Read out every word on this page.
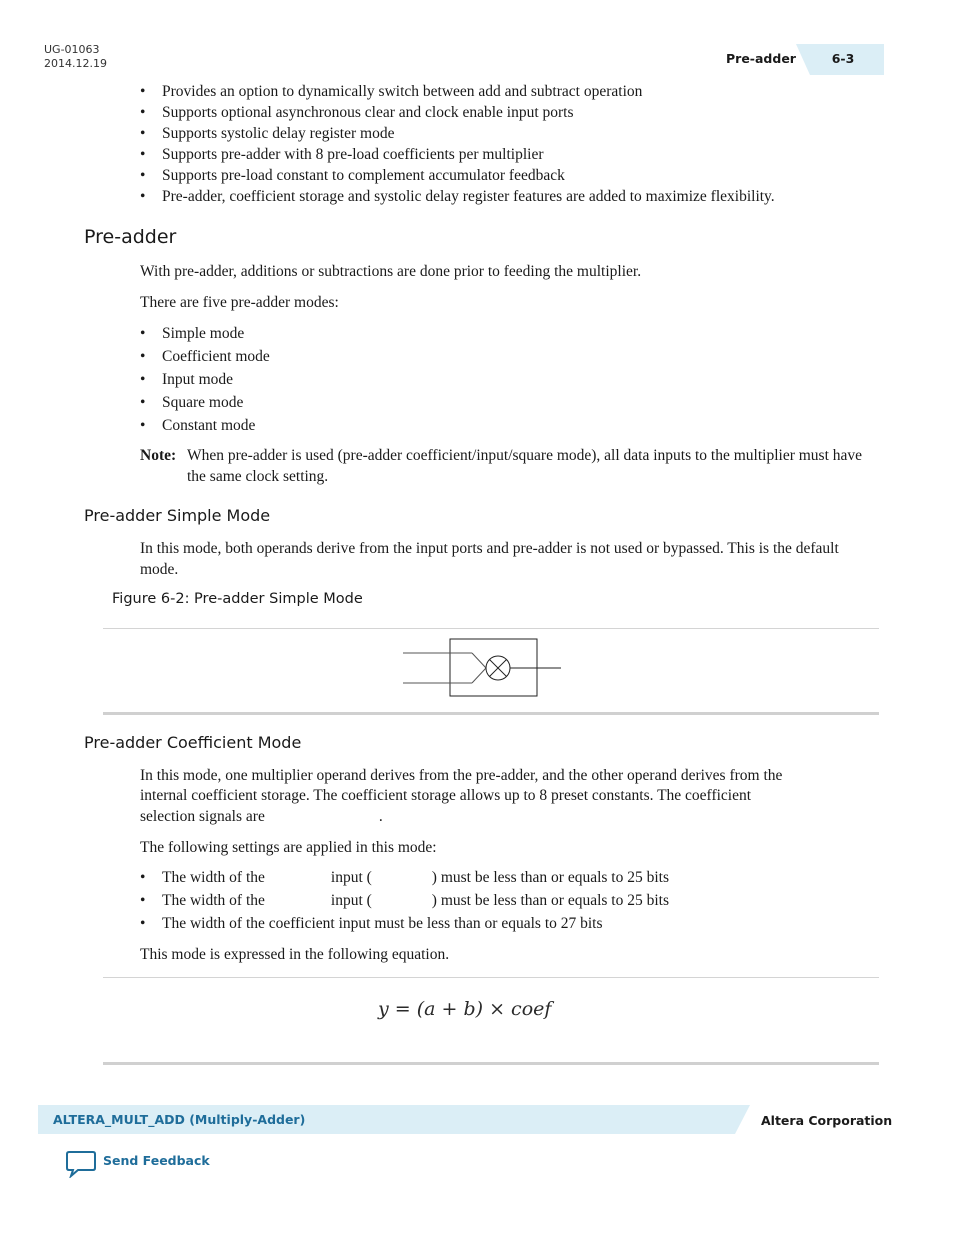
UG-01063
2014.12.19	Pre-adder	6-3
• Provides an option to dynamically switch between add and subtract operation
• Supports optional asynchronous clear and clock enable input ports
• Supports systolic delay register mode
• Supports pre-adder with 8 pre-load coefficients per multiplier
• Supports pre-load constant to complement accumulator feedback
• Pre-adder, coefficient storage and systolic delay register features are added to maximize flexibility.
Pre-adder
With pre-adder, additions or subtractions are done prior to feeding the multiplier.
There are five pre-adder modes:
• Simple mode
• Coefficient mode
• Input mode
• Square mode
• Constant mode
Note: When pre-adder is used (pre-adder coefficient/input/square mode), all data inputs to the multiplier must have the same clock setting.
Pre-adder Simple Mode
In this mode, both operands derive from the input ports and pre-adder is not used or bypassed. This is the default mode.
Figure 6-2: Pre-adder Simple Mode
Pre-adder Coefficient Mode
In this mode, one multiplier operand derives from the pre-adder, and the other operand derives from the
internal coefficient storage. The coefficient storage allows up to 8 preset constants. The coefficient
selection signals are	.
The following settings are applied in this mode:
• The width of the	input (	) must be less than or equals to 25 bits
• The width of the	input (	) must be less than or equals to 25 bits
• The width of the coefficient input must be less than or equals to 27 bits
This mode is expressed in the following equation.
y = (a + b) × coef
ALTERA_MULT_ADD (Multiply-Adder)	Altera Corporation
Send Feedback
